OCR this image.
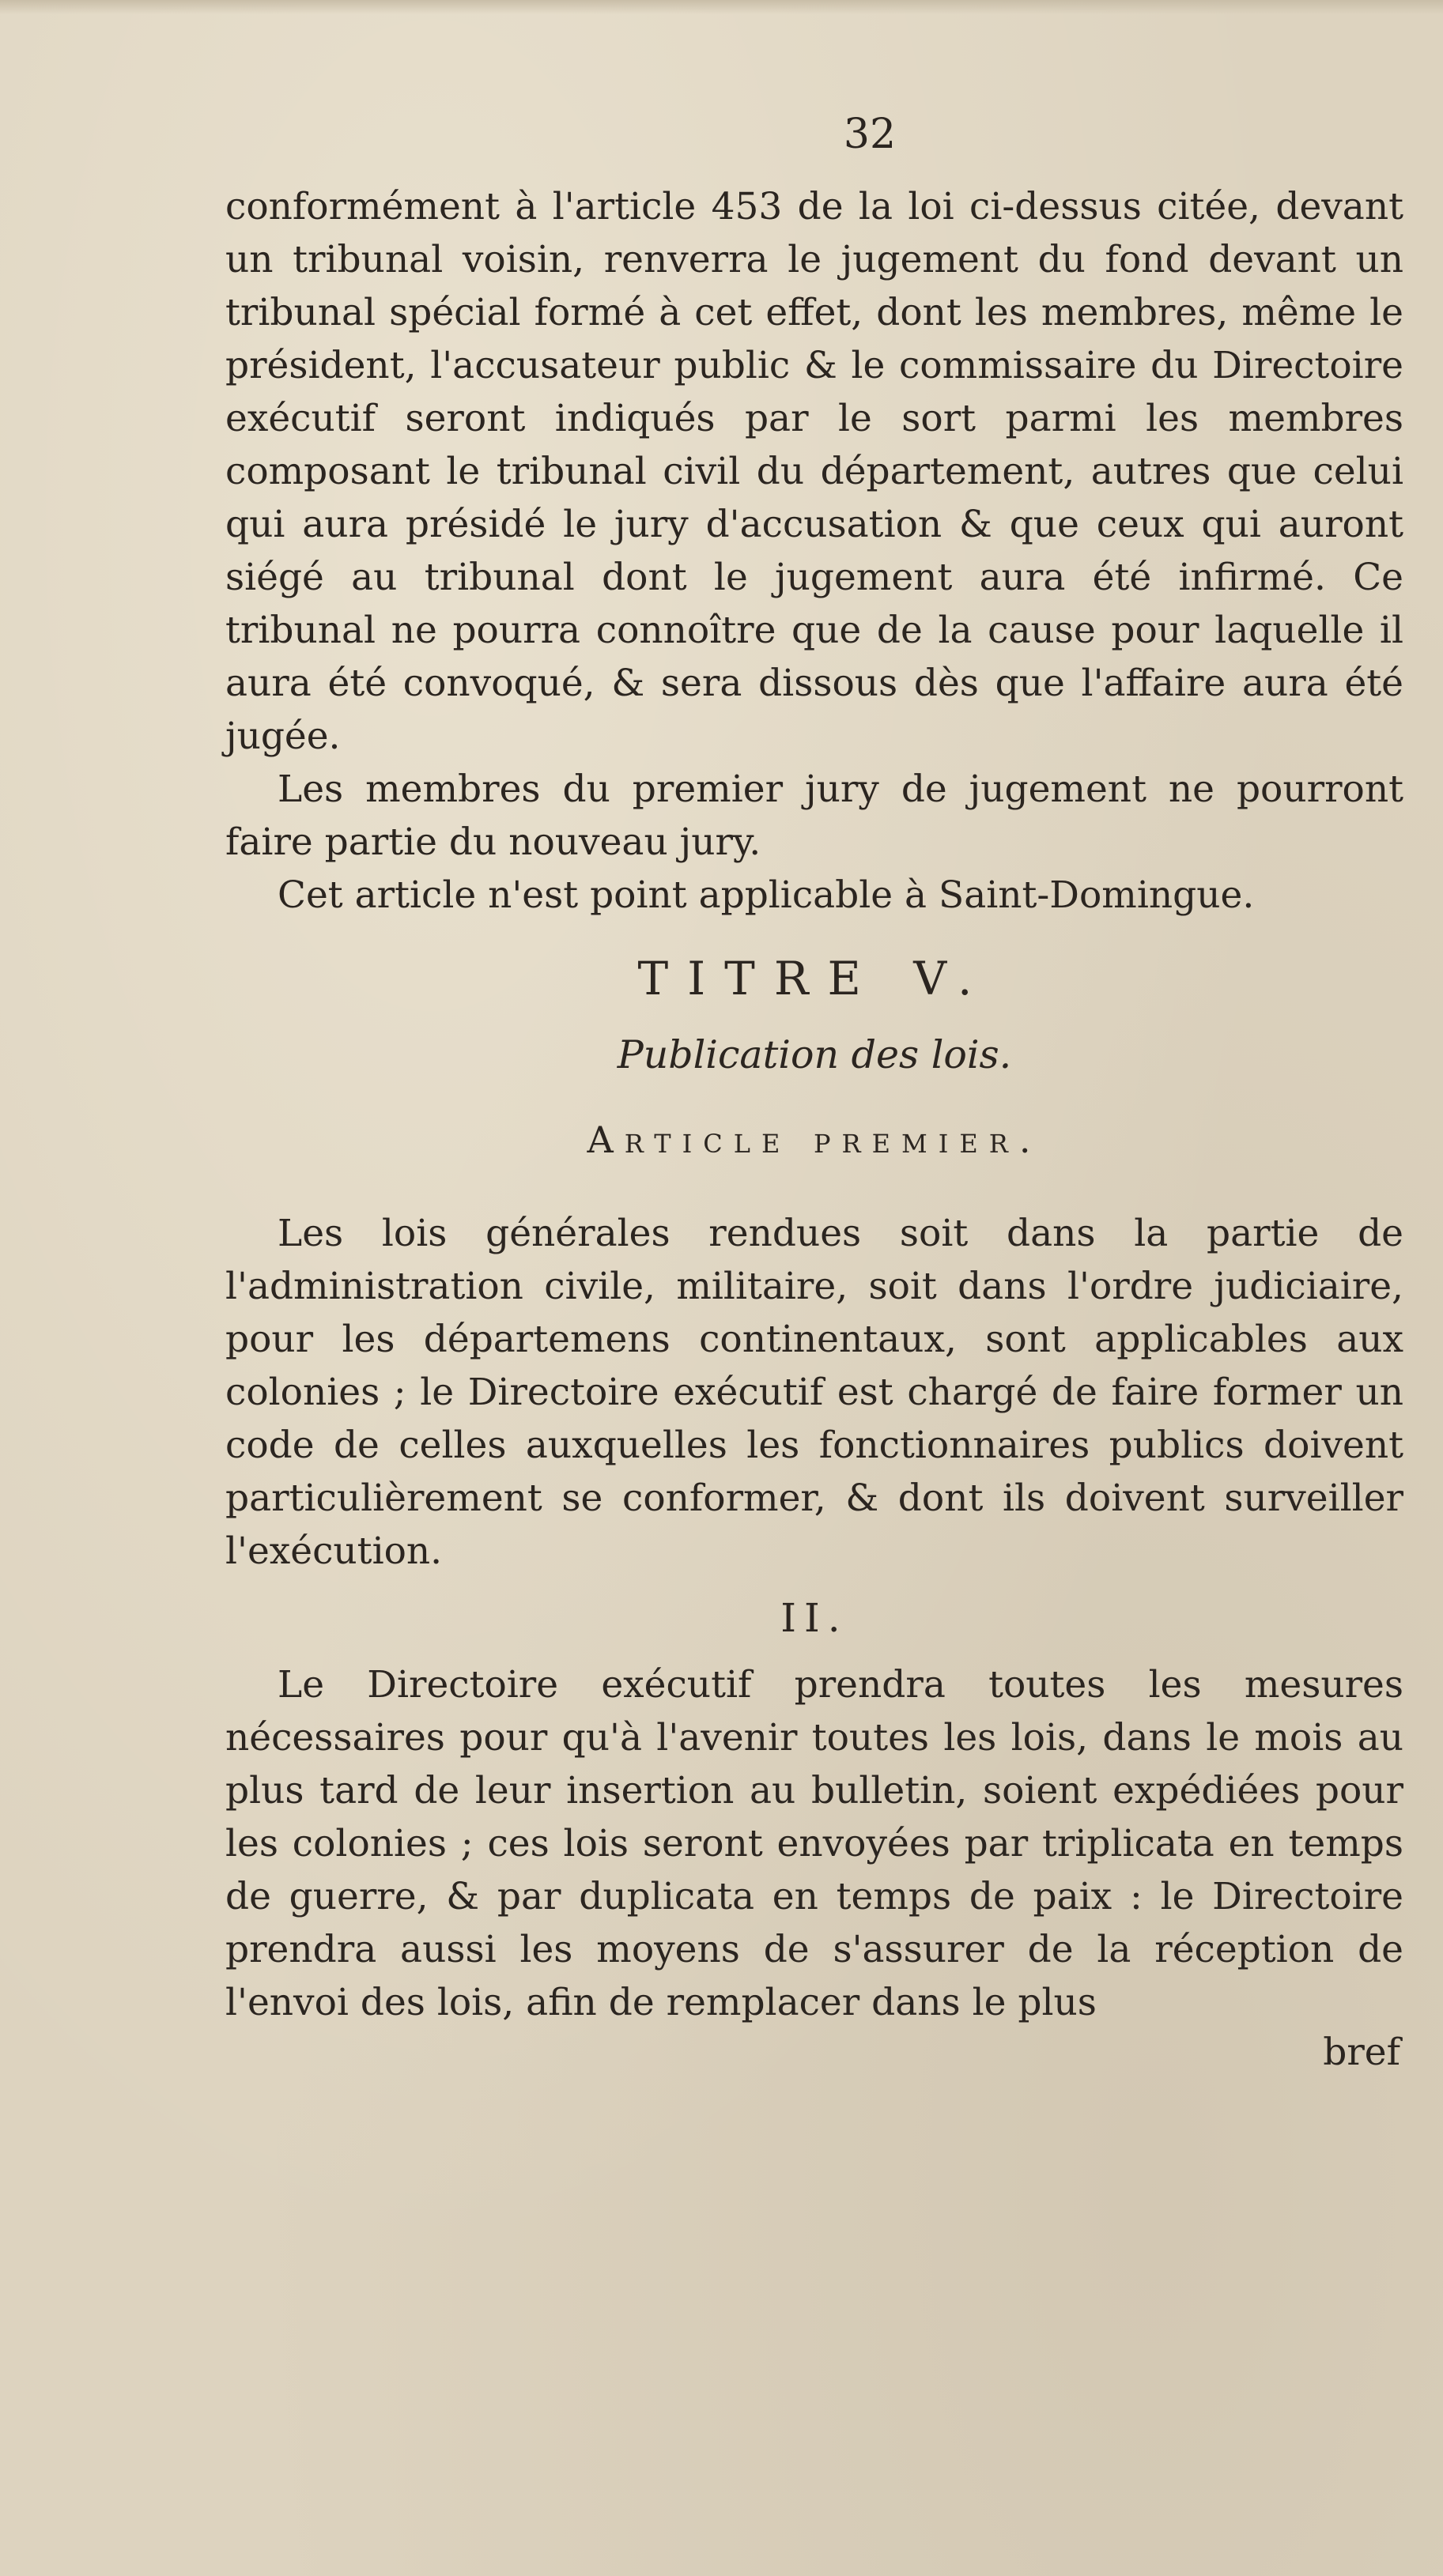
32

conformément à l'article 453 de la loi ci-dessus citée, devant un tribunal voisin, renverra le jugement du fond devant un tribunal spécial formé à cet effet, dont les membres, même le président, l'accusateur public & le commissaire du Directoire exécutif seront indiqués par le sort parmi les membres composant le tribunal civil du département, autres que celui qui aura présidé le jury d'accusation & que ceux qui auront siégé au tribunal dont le jugement aura été infirmé. Ce tribunal ne pourra connoître que de la cause pour laquelle il aura été convoqué, & sera dissous dès que l'affaire aura été jugée.

Les membres du premier jury de jugement ne pourront faire partie du nouveau jury.

Cet article n'est point applicable à Saint-Domingue.

TITRE V.
Publication des lois.
Article premier.

Les lois générales rendues soit dans la partie de l'administration civile, militaire, soit dans l'ordre judiciaire, pour les départemens continentaux, sont applicables aux colonies ; le Directoire exécutif est chargé de faire former un code de celles auxquelles les fonctionnaires publics doivent particulièrement se conformer, & dont ils doivent surveiller l'exécution.

II.

Le Directoire exécutif prendra toutes les mesures nécessaires pour qu'à l'avenir toutes les lois, dans le mois au plus tard de leur insertion au bulletin, soient expédiées pour les colonies ; ces lois seront envoyées par triplicata en temps de guerre, & par duplicata en temps de paix : le Directoire prendra aussi les moyens de s'assurer de la réception de l'envoi des lois, afin de remplacer dans le plus

bref
